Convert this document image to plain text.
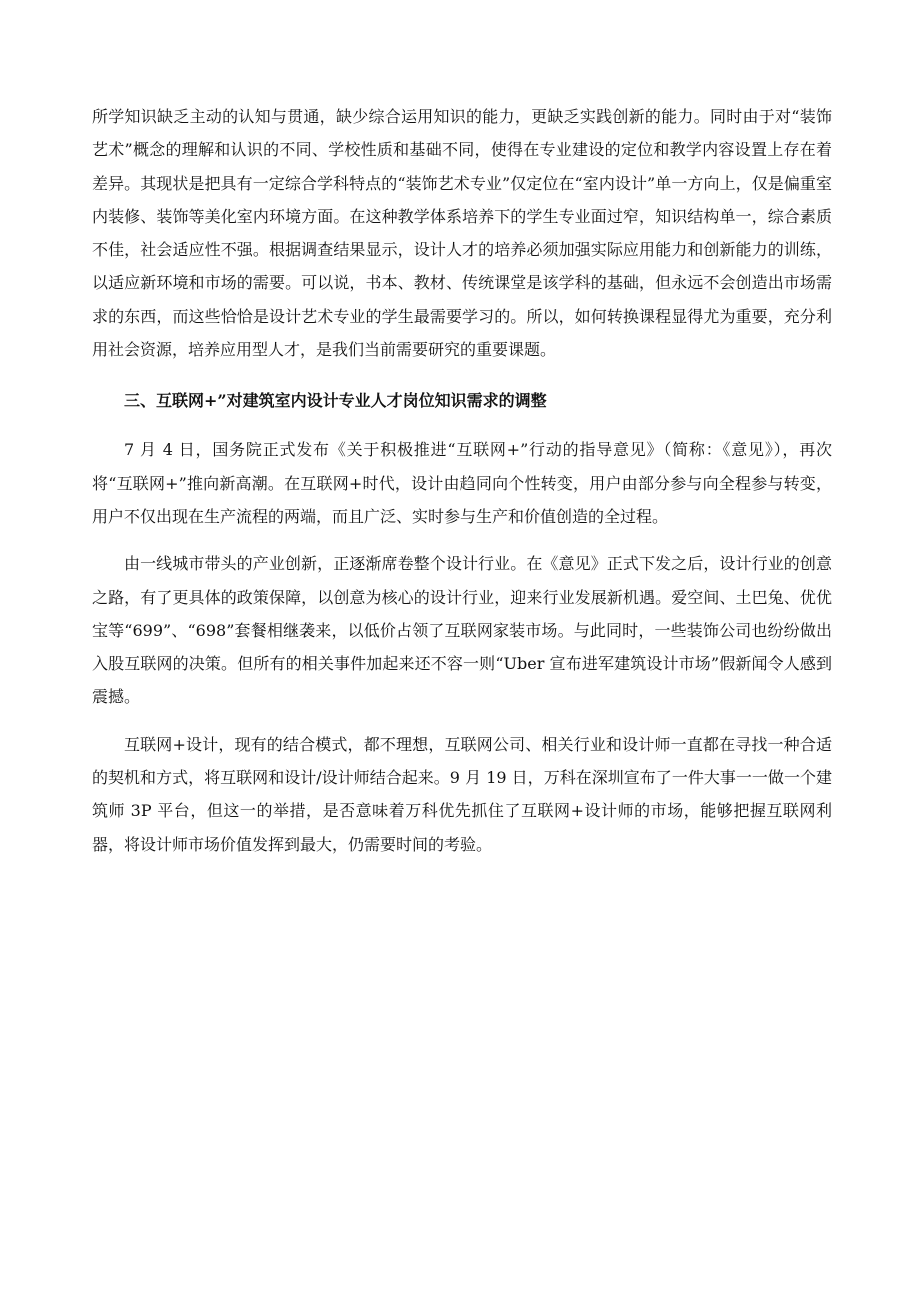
所学知识缺乏主动的认知与贯通，缺少综合运用知识的能力，更缺乏实践创新的能力。同时由于对“装饰艺术”概念的理解和认识的不同、学校性质和基础不同，使得在专业建设的定位和教学内容设置上存在着差异。其现状是把具有一定综合学科特点的“装饰艺术专业”仅定位在“室内设计”单一方向上，仅是偏重室内装修、装饰等美化室内环境方面。在这种教学体系培养下的学生专业面过窄，知识结构单一，综合素质不佳，社会适应性不强。根据调查结果显示，设计人才的培养必须加强实际应用能力和创新能力的训练，以适应新环境和市场的需要。可以说，书本、教材、传统课堂是该学科的基础，但永远不会创造出市场需求的东西，而这些恰恰是设计艺术专业的学生最需要学习的。所以，如何转换课程显得尤为重要，充分利用社会资源，培养应用型人才，是我们当前需要研究的重要课题。

三、互联网+”对建筑室内设计专业人才岗位知识需求的调整

7 月 4 日，国务院正式发布《关于积极推进“互联网+”行动的指导意见》（简称：《意见》），再次将“互联网+”推向新高潮。在互联网+时代，设计由趋同向个性转变，用户由部分参与向全程参与转变，用户不仅出现在生产流程的两端，而且广泛、实时参与生产和价值创造的全过程。

由一线城市带头的产业创新，正逐渐席卷整个设计行业。在《意见》正式下发之后，设计行业的创意之路，有了更具体的政策保障，以创意为核心的设计行业，迎来行业发展新机遇。爱空间、土巴兔、优优宝等“699”、“698”套餐相继袭来，以低价占领了互联网家装市场。与此同时，一些装饰公司也纷纷做出入股互联网的决策。但所有的相关事件加起来还不容一则“Uber 宣布进军建筑设计市场”假新闻令人感到震撼。

互联网+设计，现有的结合模式，都不理想，互联网公司、相关行业和设计师一直都在寻找一种合适的契机和方式，将互联网和设计/设计师结合起来。9 月 19 日，万科在深圳宣布了一件大事一一做一个建筑师 3P 平台，但这一的举措，是否意味着万科优先抓住了互联网+设计师的市场，能够把握互联网利器，将设计师市场价值发挥到最大，仍需要时间的考验。
